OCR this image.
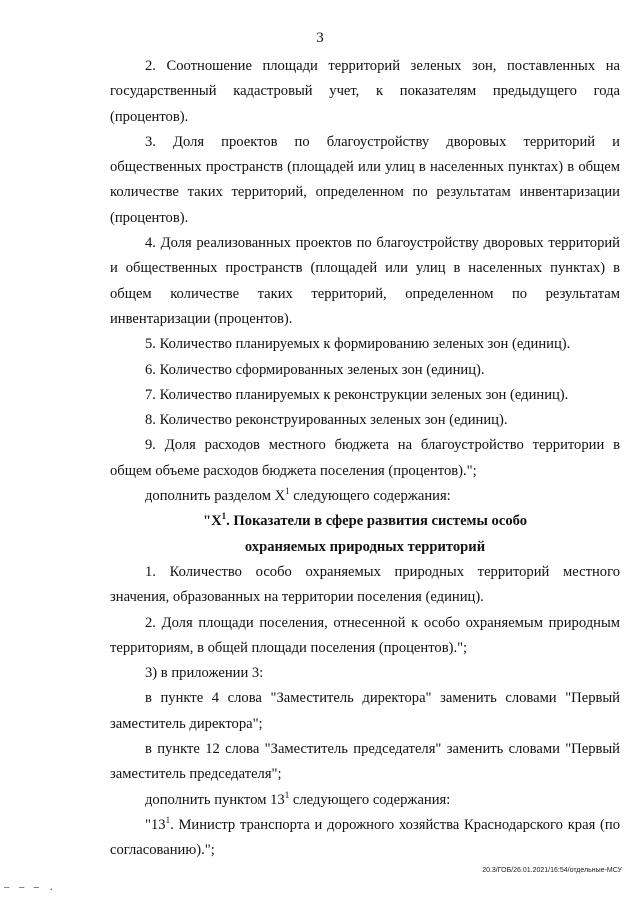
3

2. Соотношение площади территорий зеленых зон, поставленных на государственный кадастровый учет, к показателям предыдущего года (процентов).

3. Доля проектов по благоустройству дворовых территорий и общественных пространств (площадей или улиц в населенных пунктах) в общем количестве таких территорий, определенном по результатам инвентаризации (процентов).

4. Доля реализованных проектов по благоустройству дворовых территорий и общественных пространств (площадей или улиц в населенных пунктах) в общем количестве таких территорий, определенном по результатам инвентаризации (процентов).

5. Количество планируемых к формированию зеленых зон (единиц).

6. Количество сформированных зеленых зон (единиц).

7. Количество планируемых к реконструкции зеленых зон (единиц).

8. Количество реконструированных зеленых зон (единиц).

9. Доля расходов местного бюджета на благоустройство территории в общем объеме расходов бюджета поселения (процентов).";

дополнить разделом $X^1$ следующего содержания:

"$X^1$. Показатели в сфере развития системы особо
охраняемых природных территорий

1. Количество особо охраняемых природных территорий местного значения, образованных на территории поселения (единиц).

2. Доля площади поселения, отнесенной к особо охраняемым природным территориям, в общей площади поселения (процентов).";

3) в приложении 3:

в пункте 4 слова "Заместитель директора" заменить словами "Первый заместитель директора";

в пункте 12 слова "Заместитель председателя" заменить словами "Первый заместитель председателя";

дополнить пунктом $13^1$ следующего содержания:

"$13^1$. Министр транспорта и дорожного хозяйства Краснодарского края (по согласованию).";

20.3/ГОБ/26.01.2021/16:54/отдельные-МСУ
— — — .
